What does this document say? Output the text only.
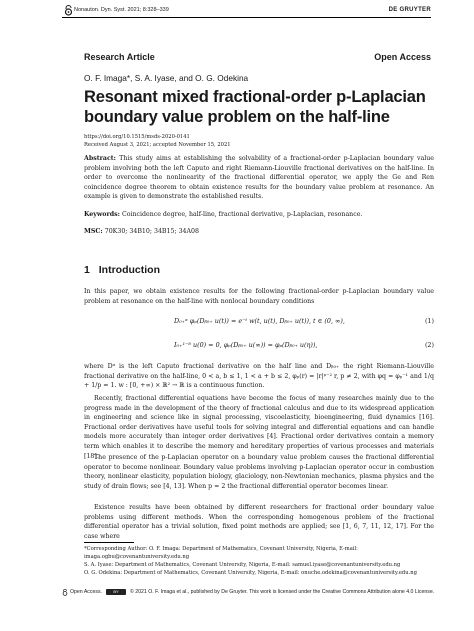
Nonauton. Dyn. Syst. 2021; 8:328–339	DE GRUYTER
Research Article	Open Access
O. F. Imaga*, S. A. Iyase, and O. G. Odekina
Resonant mixed fractional-order p-Laplacian boundary value problem on the half-line
https://doi.org/10.1515/msds-2020-0141
Received August 3, 2021; accepted November 15, 2021
Abstract: This study aims at establishing the solvability of a fractional-order p-Laplacian boundary value problem involving both the left Caputo and right Riemann-Liouville fractional derivatives on the half-line. In order to overcome the nonlinearity of the fractional differential operator, we apply the Ge and Ren coincidence degree theorem to obtain existence results for the boundary value problem at resonance. An example is given to demonstrate the established results.
Keywords: Coincidence degree, half-line, fractional derivative, p-Laplacian, resonance.
MSC: 70K30; 34B10; 34B15; 34A08
1 Introduction
In this paper, we obtain existence results for the following fractional-order p-Laplacian boundary value problem at resonance on the half-line with nonlocal boundary conditions
D₀₊ᵅ φₚ(Dᵦ₀₊ u(t)) = e⁻ᵗ w(t, u(t), Dᵦ₀₊ u(t)), t ∈ (0, ∞),	(1)
I₀₊¹⁻ᵇ u(0) = 0, φₚ(Dᵦ₀₊ u(∞)) = φₚ(Dᵦ₀₊ u(η)),	(2)
where Dᵅ is the left Caputo fractional derivative on the half line and Dᵦ₀₊ the right Riemann-Liouville fractional derivative on the half-line, 0 < a, b ≤ 1, 1 < a + b ≤ 2, φₚ(r) = |r|ᵖ⁻² r, p ≠ 2, with φq = φₚ⁻¹ and 1/q + 1/p = 1. w : [0, +∞) × ℝ² → ℝ is a continuous function.
Recently, fractional differential equations have become the focus of many researches mainly due to the progress made in the development of the theory of fractional calculus and due to its widespread application in engineering and science like in signal processing, viscoelasticity, bioengineering, fluid dynamics [16]. Fractional order derivatives have useful tools for solving integral and differential equations and can handle models more accurately than integer order derivatives [4]. Fractional order derivatives contain a memory term which enables it to describe the memory and hereditary properties of various processes and materials [18].
The presence of the p-Laplacian operator on a boundary value problem causes the fractional differential operator to become nonlinear. Boundary value problems involving p-Laplacian operator occur in combustion theory, nonlinear elasticity, population biology, glaciology, non-Newtonian mechanics, plasma physics and the study of drain flows; see [4, 13]. When p = 2 the fractional differential operator becomes linear.
Existence results have been obtained by different researchers for fractional order boundary value problems using different methods. When the corresponding homogenous problem of the fractional differential operator has a trivial solution, fixed point methods are applied; see [1, 6, 7, 11, 12, 17]. For the case where

*Corresponding Author: O. F. Imaga: Department of Mathematics, Covenant University, Nigeria, E-mail: imaga.ogbu@covenantuniversity.edu.ng

S. A. Iyase: Department of Mathematics, Covenant University, Nigeria, E-mail: samuel.iyase@covenantuniversity.edu.ng

O. G. Odekina: Department of Mathematics, Covenant University, Nigeria, E-mail: onuche.odekina@covenantuniversity.edu.ng

Open Access.	BY © 2021 O. F. Imaga et al., published by De Gruyter. This work is licensed under the Creative Commons Attribution alone 4.0 License.
